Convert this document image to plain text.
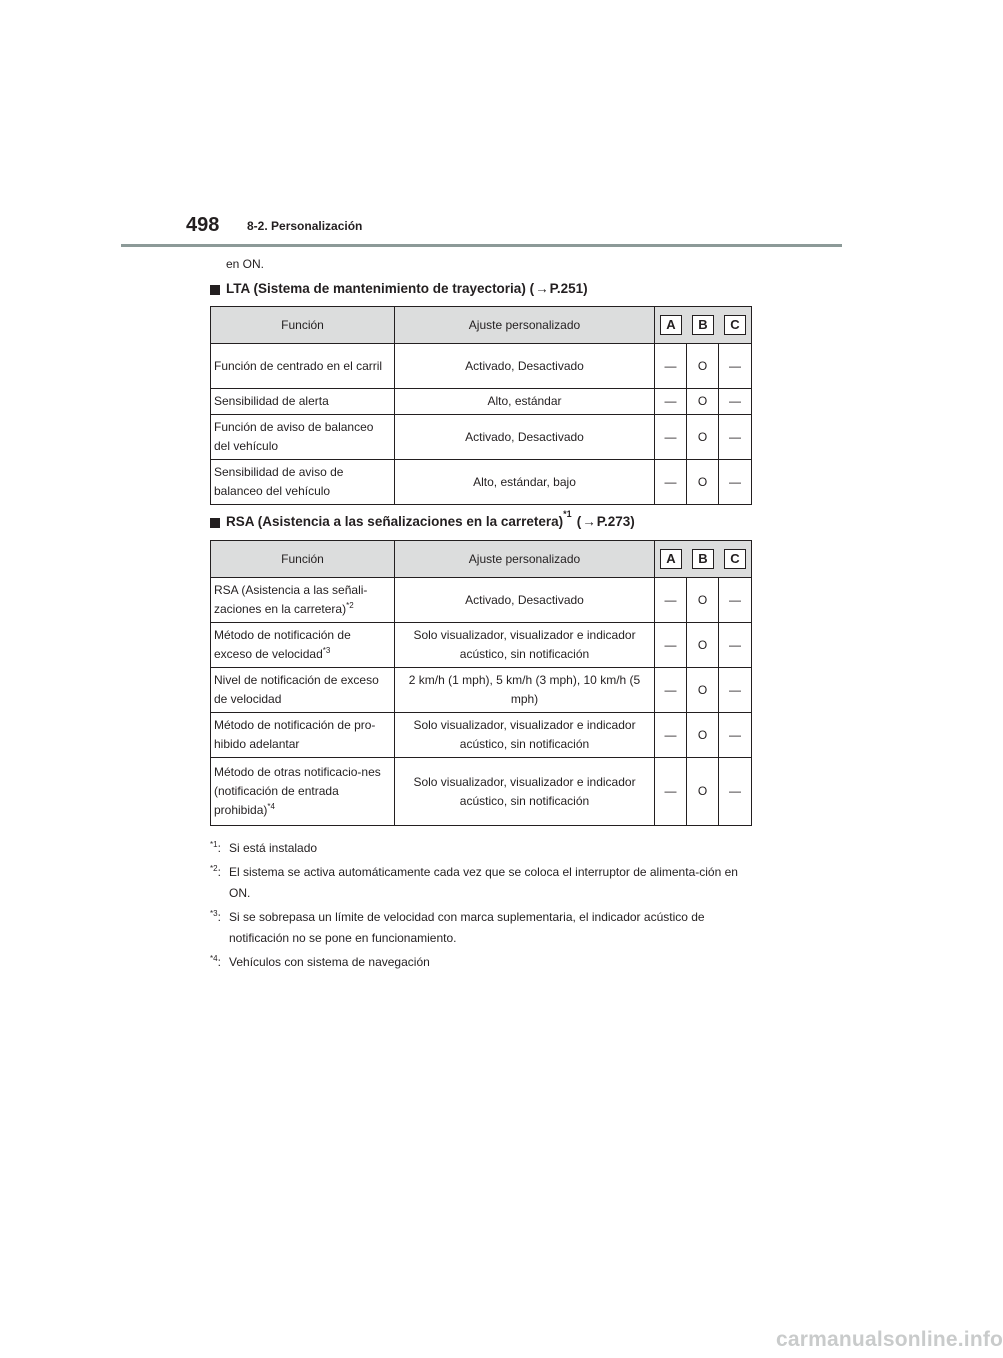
498 8-2. Personalización
en ON.
LTA (Sistema de mantenimiento de trayectoria) ( → P.251)
Función	Ajuste personalizado	A B C		

Función de centrado en el carril	Activado, Desactivado	—	O	—
Sensibilidad de alerta	Alto, estándar	—	O	—
Función de aviso de balanceo del vehículo	Activado, Desactivado	—	O	—
Sensibilidad de aviso de balanceo del vehículo	Alto, estándar, bajo	—	O	—
RSA (Asistencia a las señalizaciones en la carretera) *1 ( → P.273)
Función	Ajuste personalizado	A B C		

RSA (Asistencia a las señali-zaciones en la carretera)$^{*2}$	Activado, Desactivado	—	O	—
Método de notificación de exceso de velocidad$^{*3}$	Solo visualizador, visualizador e indicador acústico, sin notificación	—	O	—
Nivel de notificación de exceso de velocidad	2 km/h (1 mph), 5 km/h (3 mph), 10 km/h (5 mph)	—	O	—
Método de notificación de pro-hibido adelantar	Solo visualizador, visualizador e indicador acústico, sin notificación	—	O	—
Método de otras notificacio-nes (notificación de entrada prohibida)$^{*4}$	Solo visualizador, visualizador e indicador acústico, sin notificación	—	O	—
$^{*1}$: Si está instalado
$^{*2}$: El sistema se activa automáticamente cada vez que se coloca el interruptor de alimenta-ción en ON.
$^{*3}$: Si se sobrepasa un límite de velocidad con marca suplementaria, el indicador acústico de notificación no se pone en funcionamiento.
$^{*4}$: Vehículos con sistema de navegación
carmanualsonline.info
